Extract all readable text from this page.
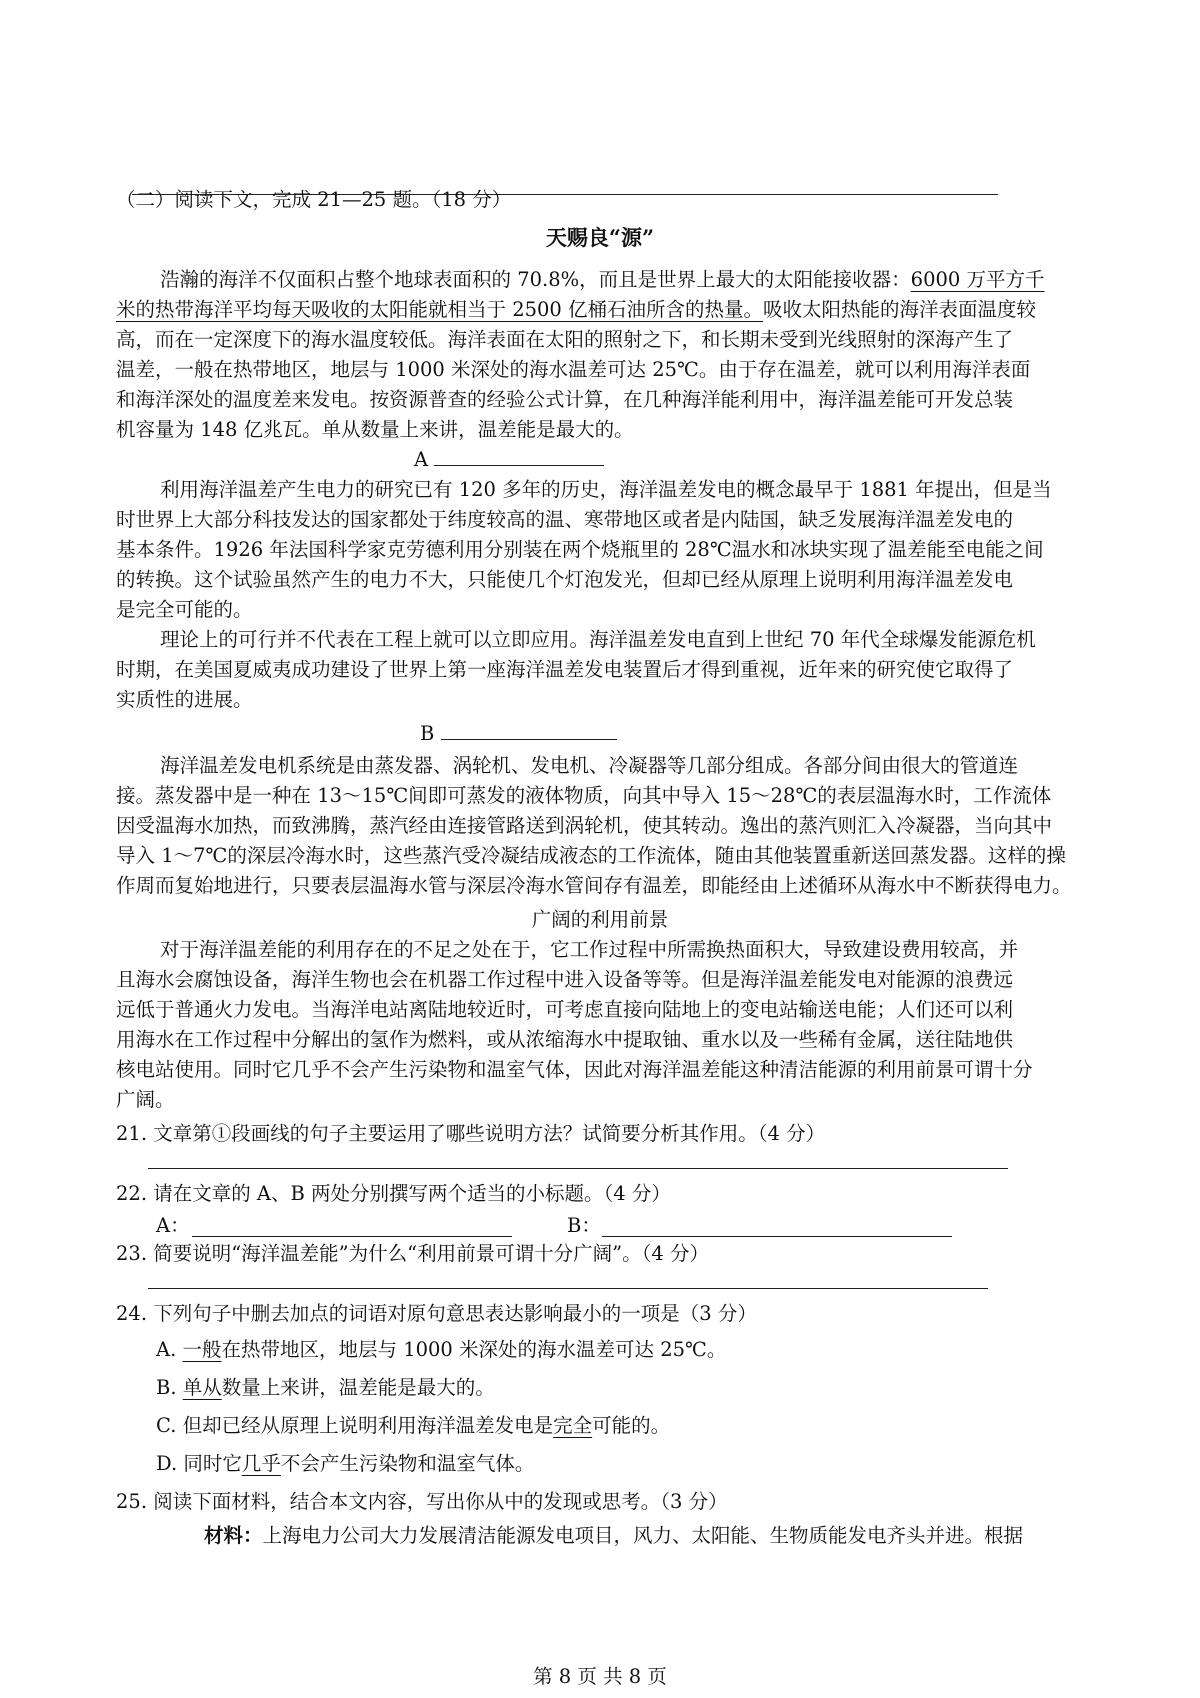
（二）阅读下文，完成 21—25 题。（18 分）
天赐良“源”
浩瀚的海洋不仅面积占整个地球表面积的 70.8%，而且是世界上最大的太阳能接收器：6000 万平方千
米的热带海洋平均每天吸收的太阳能就相当于 2500 亿桶石油所含的热量。吸收太阳热能的海洋表面温度较
高，而在一定深度下的海水温度较低。海洋表面在太阳的照射之下，和长期未受到光线照射的深海产生了
温差，一般在热带地区，地层与 1000 米深处的海水温差可达 25℃。由于存在温差，就可以利用海洋表面
和海洋深处的温度差来发电。按资源普查的经验公式计算，在几种海洋能利用中，海洋温差能可开发总装
机容量为 148 亿兆瓦。单从数量上来讲，温差能是最大的。
A
利用海洋温差产生电力的研究已有 120 多年的历史，海洋温差发电的概念最早于 1881 年提出，但是当
时世界上大部分科技发达的国家都处于纬度较高的温、寒带地区或者是内陆国，缺乏发展海洋温差发电的
基本条件。1926 年法国科学家克劳德利用分别装在两个烧瓶里的 28℃温水和冰块实现了温差能至电能之间
的转换。这个试验虽然产生的电力不大，只能使几个灯泡发光，但却已经从原理上说明利用海洋温差发电
是完全可能的。
理论上的可行并不代表在工程上就可以立即应用。海洋温差发电直到上世纪 70 年代全球爆发能源危机
时期，在美国夏威夷成功建设了世界上第一座海洋温差发电装置后才得到重视，近年来的研究使它取得了
实质性的进展。
B
海洋温差发电机系统是由蒸发器、涡轮机、发电机、冷凝器等几部分组成。各部分间由很大的管道连
接。蒸发器中是一种在 13～15℃间即可蒸发的液体物质，向其中导入 15～28℃的表层温海水时，工作流体
因受温海水加热，而致沸腾，蒸汽经由连接管路送到涡轮机，使其转动。逸出的蒸汽则汇入冷凝器，当向其中
导入 1～7℃的深层冷海水时，这些蒸汽受冷凝结成液态的工作流体，随由其他装置重新送回蒸发器。这样的操
作周而复始地进行，只要表层温海水管与深层冷海水管间存有温差，即能经由上述循环从海水中不断获得电力。
广阔的利用前景
对于海洋温差能的利用存在的不足之处在于，它工作过程中所需换热面积大，导致建设费用较高，并
且海水会腐蚀设备，海洋生物也会在机器工作过程中进入设备等等。但是海洋温差能发电对能源的浪费远
远低于普通火力发电。当海洋电站离陆地较近时，可考虑直接向陆地上的变电站输送电能；人们还可以利
用海水在工作过程中分解出的氢作为燃料，或从浓缩海水中提取铀、重水以及一些稀有金属，送往陆地供
核电站使用。同时它几乎不会产生污染物和温室气体，因此对海洋温差能这种清洁能源的利用前景可谓十分
广阔。
21. 文章第①段画线的句子主要运用了哪些说明方法？试简要分析其作用。（4 分）
22. 请在文章的 A、B 两处分别撰写两个适当的小标题。（4 分）
A：	B：
23. 简要说明“海洋温差能”为什么“利用前景可谓十分广阔”。（4 分）
24. 下列句子中删去加点的词语对原句意思表达影响最小的一项是（3 分）
A. 一般在热带地区，地层与 1000 米深处的海水温差可达 25℃。
B. 单从数量上来讲，温差能是最大的。
C. 但却已经从原理上说明利用海洋温差发电是完全可能的。
D. 同时它几乎不会产生污染物和温室气体。
25. 阅读下面材料，结合本文内容，写出你从中的发现或思考。（3 分）
材料：上海电力公司大力发展清洁能源发电项目，风力、太阳能、生物质能发电齐头并进。根据
第 8 页 共 8 页
